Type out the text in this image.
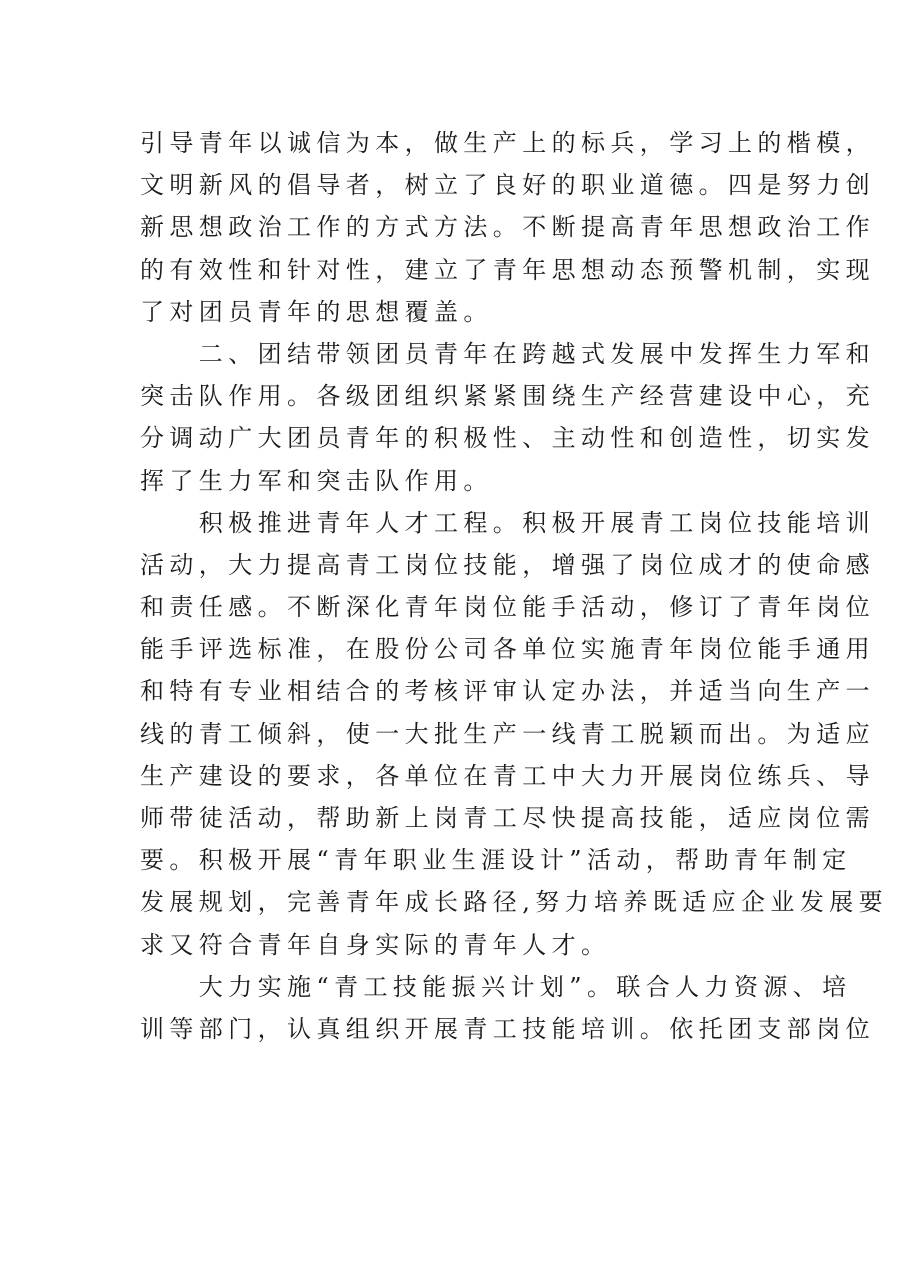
引导青年以诚信为本，做生产上的标兵，学习上的楷模，
文明新风的倡导者，树立了良好的职业道德。四是努力创
新思想政治工作的方式方法。不断提高青年思想政治工作
的有效性和针对性，建立了青年思想动态预警机制，实现
了对团员青年的思想覆盖。
　　二、团结带领团员青年在跨越式发展中发挥生力军和
突击队作用。各级团组织紧紧围绕生产经营建设中心，充
分调动广大团员青年的积极性、主动性和创造性，切实发
挥了生力军和突击队作用。
　　积极推进青年人才工程。积极开展青工岗位技能培训
活动，大力提高青工岗位技能，增强了岗位成才的使命感
和责任感。不断深化青年岗位能手活动，修订了青年岗位
能手评选标准，在股份公司各单位实施青年岗位能手通用
和特有专业相结合的考核评审认定办法，并适当向生产一
线的青工倾斜，使一大批生产一线青工脱颖而出。为适应
生产建设的要求，各单位在青工中大力开展岗位练兵、导
师带徒活动，帮助新上岗青工尽快提高技能，适应岗位需
要。积极开展“青年职业生涯设计”活动，帮助青年制定
发展规划，完善青年成长路径,努力培养既适应企业发展要
求又符合青年自身实际的青年人才。
　　大力实施“青工技能振兴计划”。联合人力资源、培
训等部门，认真组织开展青工技能培训。依托团支部岗位
